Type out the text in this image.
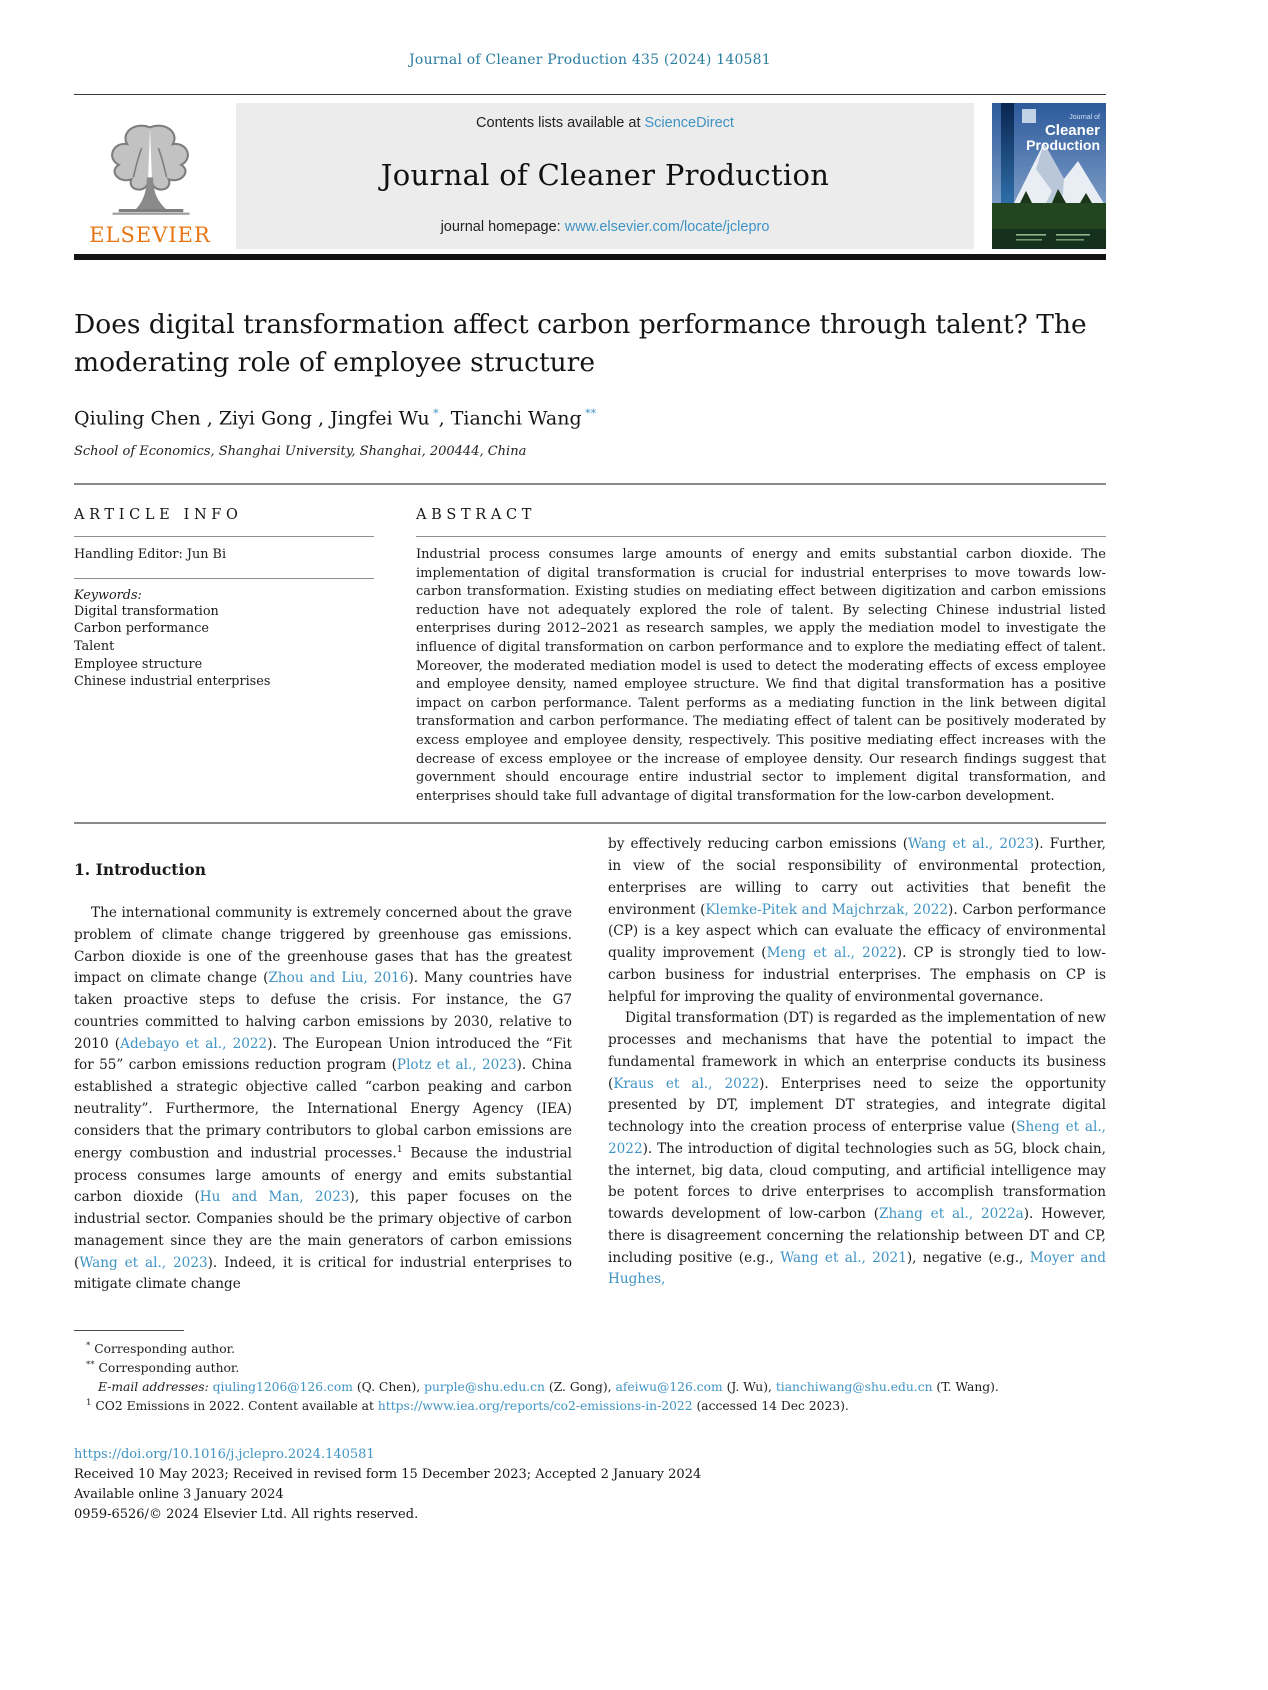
Journal of Cleaner Production 435 (2024) 140581
ELSEVIER
Contents lists available at ScienceDirect
Journal of Cleaner Production
journal homepage: www.elsevier.com/locate/jclepro
Journal of
Cleaner
Production
Does digital transformation affect carbon performance through talent? The moderating role of employee structure
Qiuling Chen , Ziyi Gong , Jingfei Wu *, Tianchi Wang **
School of Economics, Shanghai University, Shanghai, 200444, China
ARTICLE INFO
Handling Editor: Jun Bi
Keywords:
Digital transformation
Carbon performance
Talent
Employee structure
Chinese industrial enterprises
ABSTRACT
Industrial process consumes large amounts of energy and emits substantial carbon dioxide. The implementation of digital transformation is crucial for industrial enterprises to move towards low-carbon transformation. Existing studies on mediating effect between digitization and carbon emissions reduction have not adequately explored the role of talent. By selecting Chinese industrial listed enterprises during 2012–2021 as research samples, we apply the mediation model to investigate the influence of digital transformation on carbon performance and to explore the mediating effect of talent. Moreover, the moderated mediation model is used to detect the moderating effects of excess employee and employee density, named employee structure. We find that digital transformation has a positive impact on carbon performance. Talent performs as a mediating function in the link between digital transformation and carbon performance. The mediating effect of talent can be positively moderated by excess employee and employee density, respectively. This positive mediating effect increases with the decrease of excess employee or the increase of employee density. Our research findings suggest that government should encourage entire industrial sector to implement digital transformation, and enterprises should take full advantage of digital transformation for the low-carbon development.
1. Introduction

The international community is extremely concerned about the grave problem of climate change triggered by greenhouse gas emissions. Carbon dioxide is one of the greenhouse gases that has the greatest impact on climate change (Zhou and Liu, 2016). Many countries have taken proactive steps to defuse the crisis. For instance, the G7 countries committed to halving carbon emissions by 2030, relative to 2010 (Adebayo et al., 2022). The European Union introduced the “Fit for 55” carbon emissions reduction program (Plotz et al., 2023). China established a strategic objective called “carbon peaking and carbon neutrality”. Furthermore, the International Energy Agency (IEA) considers that the primary contributors to global carbon emissions are energy combustion and industrial processes.$^1$ Because the industrial process consumes large amounts of energy and emits substantial carbon dioxide (Hu and Man, 2023), this paper focuses on the industrial sector. Companies should be the primary objective of carbon management since they are the main generators of carbon emissions (Wang et al., 2023). Indeed, it is critical for industrial enterprises to mitigate climate change

by effectively reducing carbon emissions (Wang et al., 2023). Further, in view of the social responsibility of environmental protection, enterprises are willing to carry out activities that benefit the environment (Klemke-Pitek and Majchrzak, 2022). Carbon performance (CP) is a key aspect which can evaluate the efficacy of environmental quality improvement (Meng et al., 2022). CP is strongly tied to low-carbon business for industrial enterprises. The emphasis on CP is helpful for improving the quality of environmental governance.

Digital transformation (DT) is regarded as the implementation of new processes and mechanisms that have the potential to impact the fundamental framework in which an enterprise conducts its business (Kraus et al., 2022). Enterprises need to seize the opportunity presented by DT, implement DT strategies, and integrate digital technology into the creation process of enterprise value (Sheng et al., 2022). The introduction of digital technologies such as 5G, block chain, the internet, big data, cloud computing, and artificial intelligence may be potent forces to drive enterprises to accomplish transformation towards development of low-carbon (Zhang et al., 2022a). However, there is disagreement concerning the relationship between DT and CP, including positive (e.g., Wang et al., 2021), negative (e.g., Moyer and Hughes,

* Corresponding author.
** Corresponding author.
E-mail addresses: qiuling1206@126.com (Q. Chen), purple@shu.edu.cn (Z. Gong), afeiwu@126.com (J. Wu), tianchiwang@shu.edu.cn (T. Wang).
$^1$ CO2 Emissions in 2022. Content available at https://www.iea.org/reports/co2-emissions-in-2022 (accessed 14 Dec 2023).
https://doi.org/10.1016/j.jclepro.2024.140581
Received 10 May 2023; Received in revised form 15 December 2023; Accepted 2 January 2024
Available online 3 January 2024
0959-6526/© 2024 Elsevier Ltd. All rights reserved.
